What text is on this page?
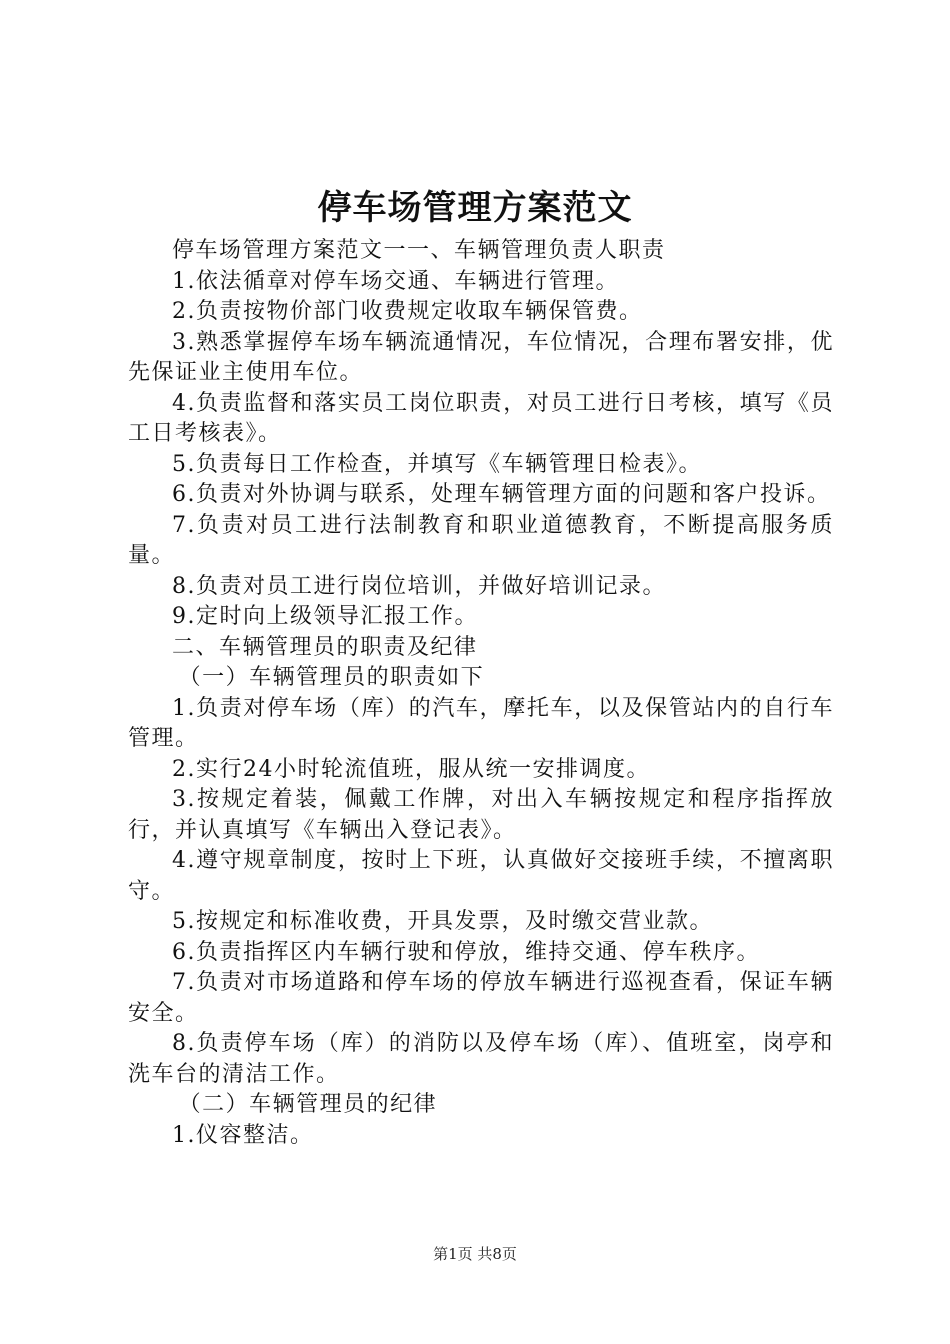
停车场管理方案范文

停车场管理方案范文一一、车辆管理负责人职责

1.依法循章对停车场交通、车辆进行管理。

2.负责按物价部门收费规定收取车辆保管费。

3.熟悉掌握停车场车辆流通情况，车位情况，合理布署安排，优先保证业主使用车位。

4.负责监督和落实员工岗位职责，对员工进行日考核，填写《员工日考核表》。

5.负责每日工作检查，并填写《车辆管理日检表》。

6.负责对外协调与联系，处理车辆管理方面的问题和客户投诉。

7.负责对员工进行法制教育和职业道德教育，不断提高服务质量。

8.负责对员工进行岗位培训，并做好培训记录。

9.定时向上级领导汇报工作。

二、车辆管理员的职责及纪律

（一）车辆管理员的职责如下

1.负责对停车场（库）的汽车，摩托车，以及保管站内的自行车管理。

2.实行24小时轮流值班，服从统一安排调度。

3.按规定着装，佩戴工作牌，对出入车辆按规定和程序指挥放行，并认真填写《车辆出入登记表》。

4.遵守规章制度，按时上下班，认真做好交接班手续，不擅离职守。

5.按规定和标准收费，开具发票，及时缴交营业款。

6.负责指挥区内车辆行驶和停放，维持交通、停车秩序。

7.负责对市场道路和停车场的停放车辆进行巡视查看，保证车辆安全。

8.负责停车场（库）的消防以及停车场（库）、值班室，岗亭和洗车台的清洁工作。

（二）车辆管理员的纪律

1.仪容整洁。

第1页 共8页
